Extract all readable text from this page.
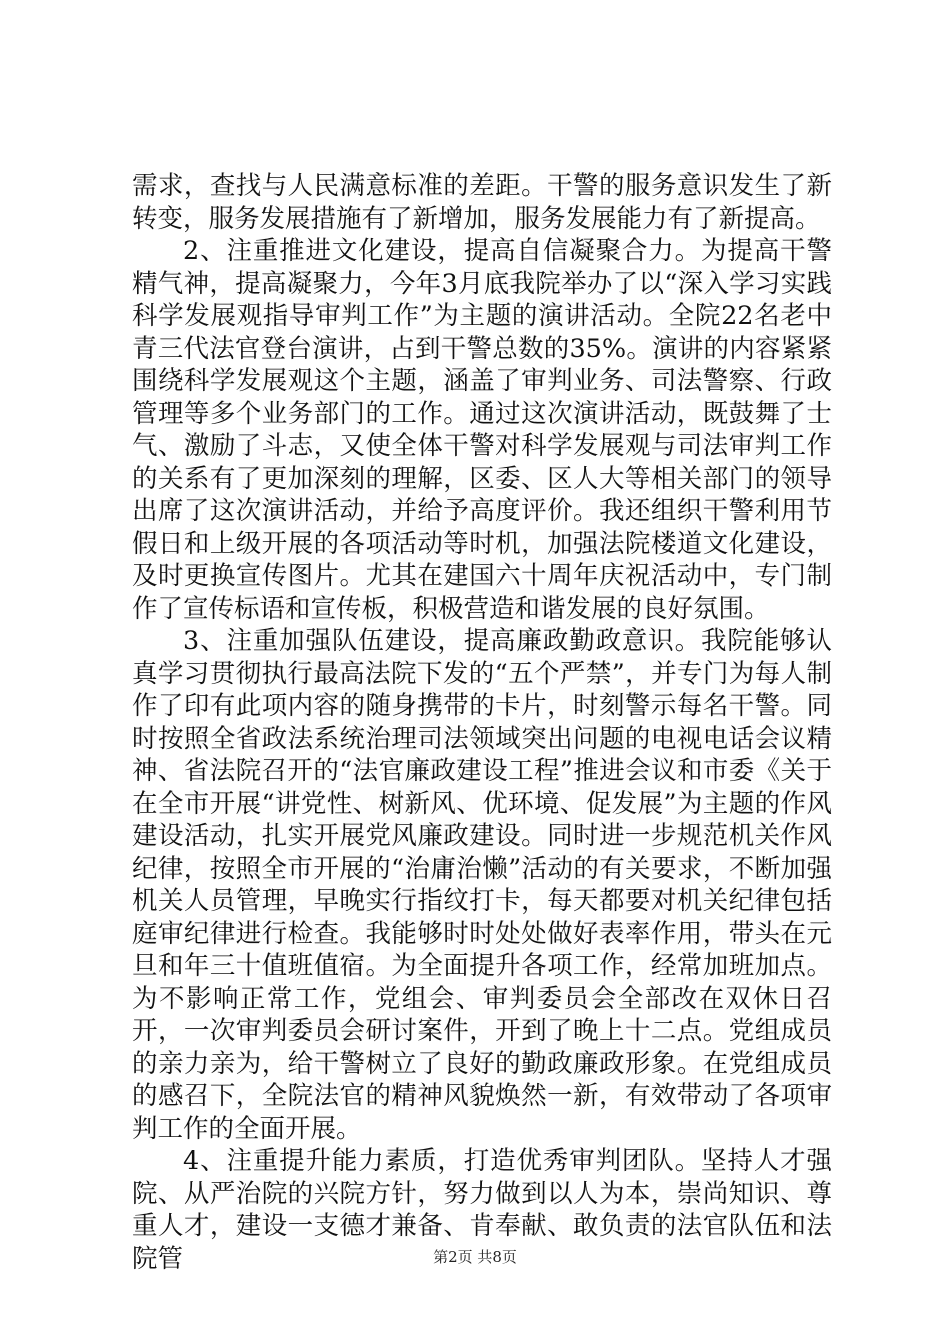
需求，查找与人民满意标准的差距。干警的服务意识发生了新转变，服务发展措施有了新增加，服务发展能力有了新提高。

2、注重推进文化建设，提高自信凝聚合力。为提高干警精气神，提高凝聚力，今年3月底我院举办了以“深入学习实践科学发展观指导审判工作”为主题的演讲活动。全院22名老中青三代法官登台演讲，占到干警总数的35%。演讲的内容紧紧围绕科学发展观这个主题，涵盖了审判业务、司法警察、行政管理等多个业务部门的工作。通过这次演讲活动，既鼓舞了士气、激励了斗志，又使全体干警对科学发展观与司法审判工作的关系有了更加深刻的理解，区委、区人大等相关部门的领导出席了这次演讲活动，并给予高度评价。我还组织干警利用节假日和上级开展的各项活动等时机，加强法院楼道文化建设，及时更换宣传图片。尤其在建国六十周年庆祝活动中，专门制作了宣传标语和宣传板，积极营造和谐发展的良好氛围。

3、注重加强队伍建设，提高廉政勤政意识。我院能够认真学习贯彻执行最高法院下发的“五个严禁”，并专门为每人制作了印有此项内容的随身携带的卡片，时刻警示每名干警。同时按照全省政法系统治理司法领域突出问题的电视电话会议精神、省法院召开的“法官廉政建设工程”推进会议和市委《关于在全市开展“讲党性、树新风、优环境、促发展”为主题的作风建设活动，扎实开展党风廉政建设。同时进一步规范机关作风纪律，按照全市开展的“治庸治懒”活动的有关要求，不断加强机关人员管理，早晚实行指纹打卡，每天都要对机关纪律包括庭审纪律进行检查。我能够时时处处做好表率作用，带头在元旦和年三十值班值宿。为全面提升各项工作，经常加班加点。为不影响正常工作，党组会、审判委员会全部改在双休日召开，一次审判委员会研讨案件，开到了晚上十二点。党组成员的亲力亲为，给干警树立了良好的勤政廉政形象。在党组成员的感召下，全院法官的精神风貌焕然一新，有效带动了各项审判工作的全面开展。

4、注重提升能力素质，打造优秀审判团队。坚持人才强院、从严治院的兴院方针，努力做到以人为本，崇尚知识、尊重人才，建设一支德才兼备、肯奉献、敢负责的法官队伍和法院管	第2页 共8页
